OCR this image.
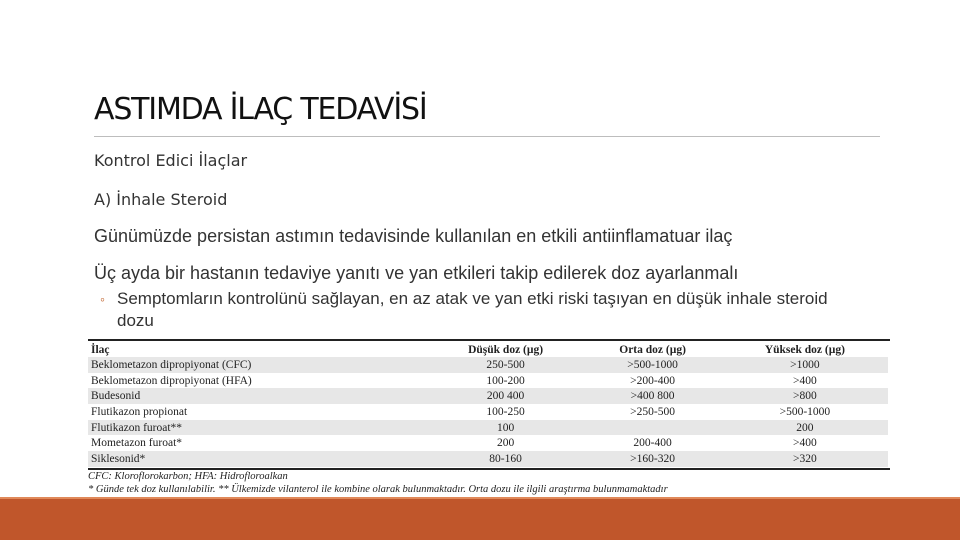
ASTIMDA İLAÇ TEDAVİSİ
Kontrol Edici İlaçlar
A) İnhale Steroid
Günümüzde persistan astımın tedavisinde kullanılan en etkili antiinflamatuar ilaç
Üç ayda bir hastanın tedaviye yanıtı ve yan etkileri takip edilerek doz ayarlanmalı
◦ Semptomların kontrolünü sağlayan, en az atak ve yan etki riski taşıyan en düşük inhale steroid dozu
İlaç	Düşük doz (µg)	Orta doz (µg)	Yüksek doz (µg)
Beklometazon dipropiyonat (CFC)	250-500	>500-1000	>1000
Beklometazon dipropiyonat (HFA)	100-200	>200-400	>400
Budesonid	200 400	>400 800	>800
Flutikazon propionat	100-250	>250-500	>500-1000
Flutikazon furoat**	100		200
Mometazon furoat*	200	200-400	>400
Siklesonid*	80-160	>160-320	>320
CFC: Kloroflorokarbon; HFA: Hidrofloroalkan
* Günde tek doz kullanılabilir. ** Ülkemizde vilanterol ile kombine olarak bulunmaktadır. Orta dozu ile ilgili araştırma bulunmamaktadır
